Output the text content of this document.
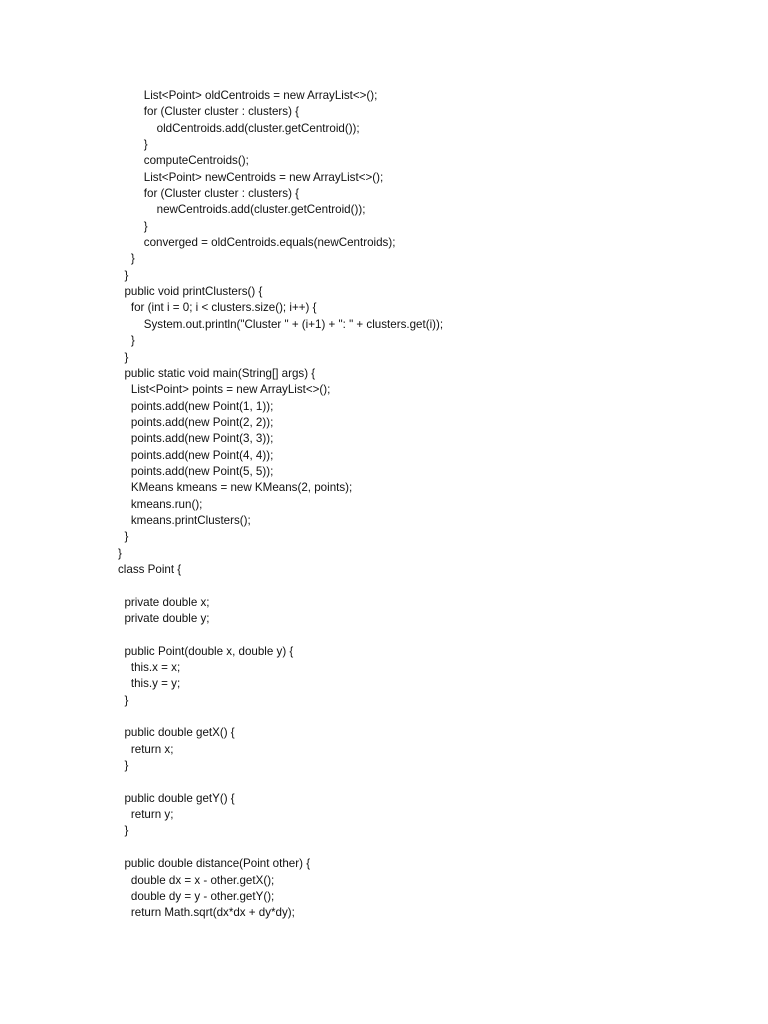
List<Point> oldCentroids = new ArrayList<>();
for (Cluster cluster : clusters) {
oldCentroids.add(cluster.getCentroid());
}
computeCentroids();
List<Point> newCentroids = new ArrayList<>();
for (Cluster cluster : clusters) {
newCentroids.add(cluster.getCentroid());
}
converged = oldCentroids.equals(newCentroids);
}
}
public void printClusters() {
for (int i = 0; i < clusters.size(); i++) {
System.out.println("Cluster " + (i+1) + ": " + clusters.get(i));
}
}
public static void main(String[] args) {
List<Point> points = new ArrayList<>();
points.add(new Point(1, 1));
points.add(new Point(2, 2));
points.add(new Point(3, 3));
points.add(new Point(4, 4));
points.add(new Point(5, 5));
KMeans kmeans = new KMeans(2, points);
kmeans.run();
kmeans.printClusters();
}
}
class Point {
private double x;
private double y;
public Point(double x, double y) {
this.x = x;
this.y = y;
}
public double getX() {
return x;
}
public double getY() {
return y;
}
public double distance(Point other) {
double dx = x - other.getX();
double dy = y - other.getY();
return Math.sqrt(dx*dx + dy*dy);
